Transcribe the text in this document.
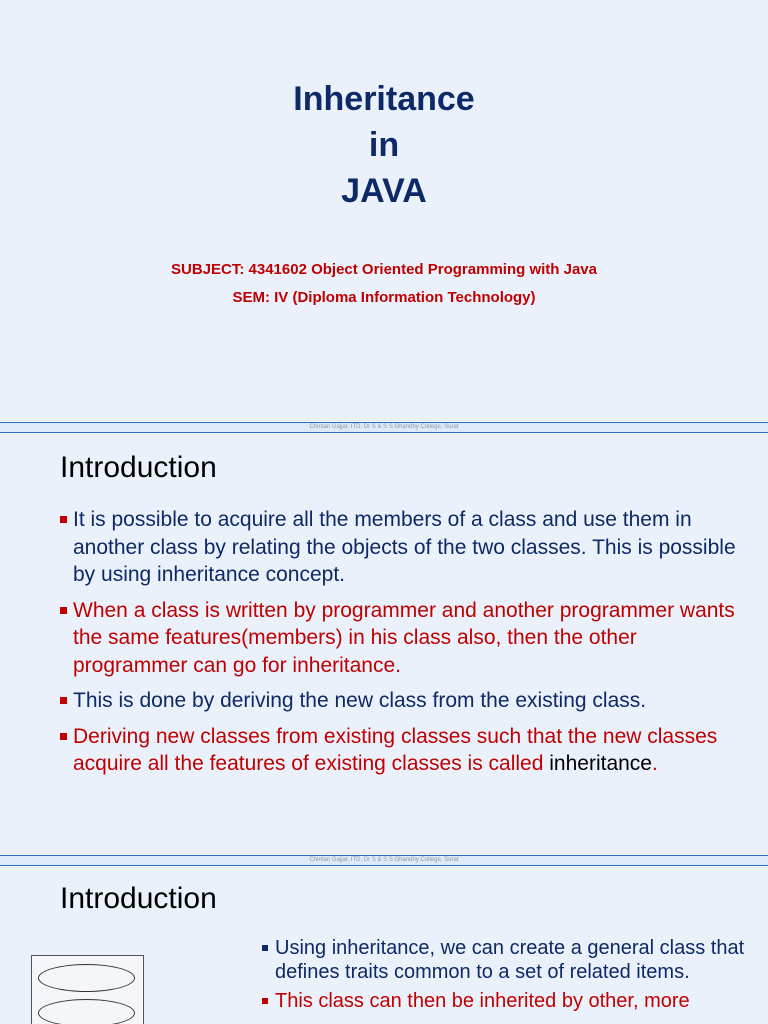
Inheritance
in
JAVA
SUBJECT: 4341602 Object Oriented Programming with Java
SEM: IV (Diploma Information Technology)
Chintan Gajjar, ITD, Dr S & S S Ghandhy College, Surat
Introduction
It is possible to acquire all the members of a class and use them in another class by relating the objects of the two classes. This is possible by using inheritance concept.
When a class is written by programmer and another programmer wants the same features(members) in his class also, then the other programmer can go for inheritance.
This is done by deriving the new class from the existing class.
Deriving new classes from existing classes such that the new classes acquire all the features of existing classes is called inheritance.
Chintan Gajjar, ITD, Dr S & S S Ghandhy College, Surat
Introduction
Using inheritance, we can create a general class that defines traits common to a set of related items.
This class can then be inherited by other, more
